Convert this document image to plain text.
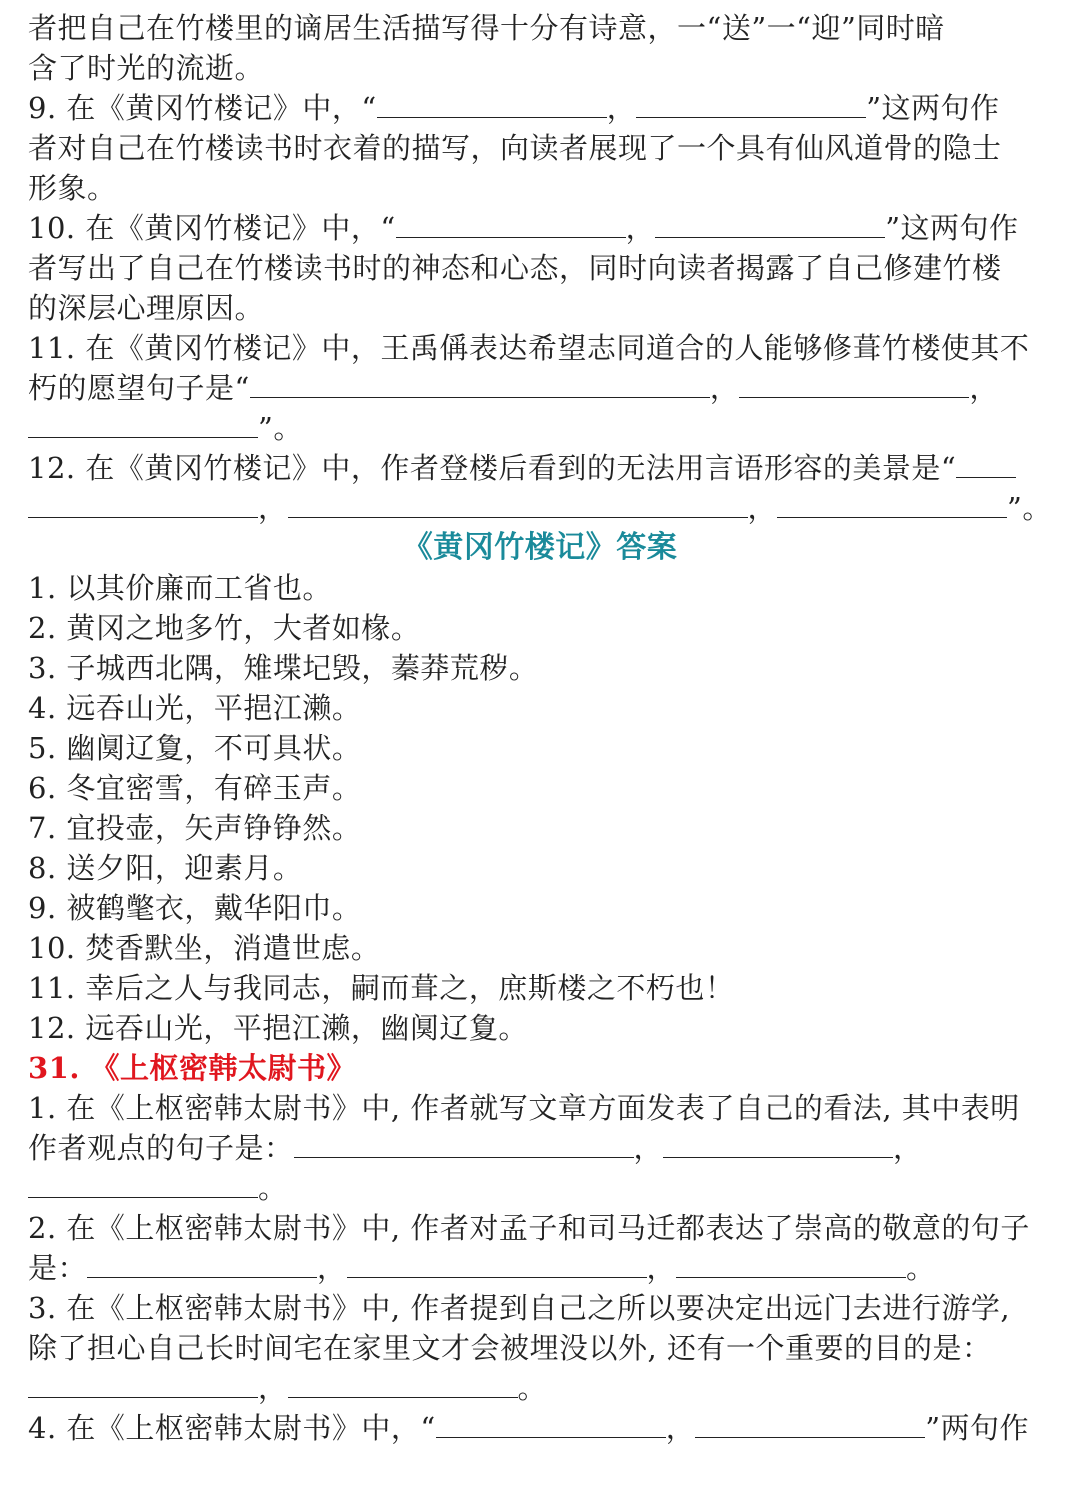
者把自己在竹楼里的谪居生活描写得十分有诗意，一“送”一“迎”同时暗
含了时光的流逝。
9. 在《黄冈竹楼记》中，“	，	”这两句作
者对自己在竹楼读书时衣着的描写，向读者展现了一个具有仙风道骨的隐士
形象。
10. 在《黄冈竹楼记》中，“	，	”这两句作
者写出了自己在竹楼读书时的神态和心态，同时向读者揭露了自己修建竹楼
的深层心理原因。
11. 在《黄冈竹楼记》中，王禹偁表达希望志同道合的人能够修葺竹楼使其不
朽的愿望句子是“	，	，
”。
12. 在《黄冈竹楼记》中，作者登楼后看到的无法用言语形容的美景是“
，	，	”。
《黄冈竹楼记》答案
1. 以其价廉而工省也。
2. 黄冈之地多竹，大者如椽。
3. 子城西北隅，雉堞圮毁，蓁莽荒秽。
4. 远吞山光，平挹江濑。
5. 幽阒辽夐，不可具状。
6. 冬宜密雪，有碎玉声。
7. 宜投壶，矢声铮铮然。
8. 送夕阳，迎素月。
9. 被鹤氅衣，戴华阳巾。
10. 焚香默坐，消遣世虑。
11. 幸后之人与我同志，嗣而葺之，庶斯楼之不朽也！
12. 远吞山光，平挹江濑，幽阒辽夐。
31. 《上枢密韩太尉书》
1. 在《上枢密韩太尉书》中, 作者就写文章方面发表了自己的看法, 其中表明
作者观点的句子是：	，	，
。
2. 在《上枢密韩太尉书》中, 作者对孟子和司马迁都表达了崇高的敬意的句子
是：	，	，	。
3. 在《上枢密韩太尉书》中, 作者提到自己之所以要决定出远门去进行游学,
除了担心自己长时间宅在家里文才会被埋没以外, 还有一个重要的目的是：
，	。
4. 在《上枢密韩太尉书》中，“	，	”两句作
